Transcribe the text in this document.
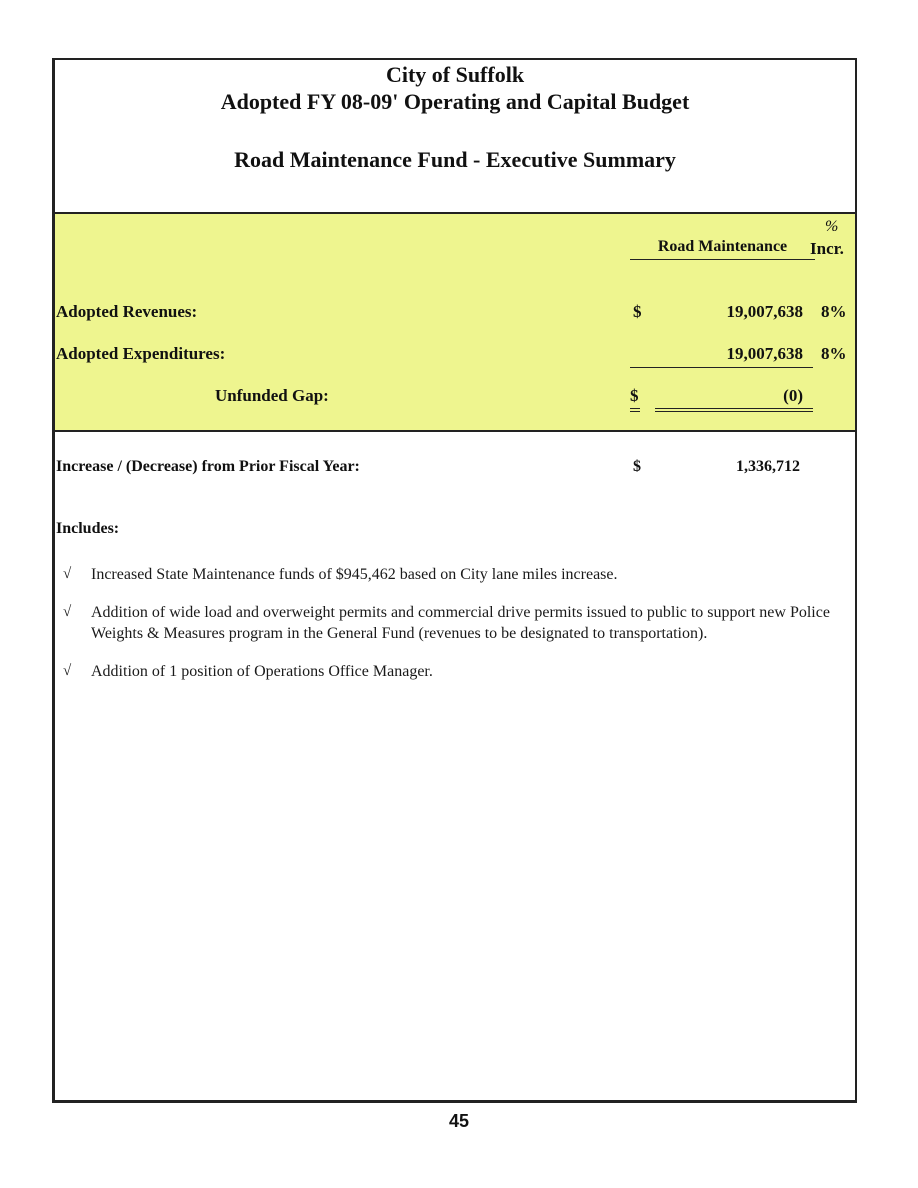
City of Suffolk
Adopted FY 08-09' Operating and Capital Budget
Road Maintenance Fund - Executive Summary
%
Road Maintenance	Incr.
Adopted Revenues:	$	19,007,638 8%
Adopted Expenditures:	19,007,638	8%
Unfunded Gap:	$	(0)
Increase / (Decrease) from Prior Fiscal Year:	$	1,336,712
Includes:
√ Increased State Maintenance funds of $945,462 based on City lane miles increase.
√ Addition of wide load and overweight permits and commercial drive permits issued to public to support new Police Weights & Measures program in the General Fund (revenues to be designated to transportation).
√ Addition of 1 position of Operations Office Manager.
45
